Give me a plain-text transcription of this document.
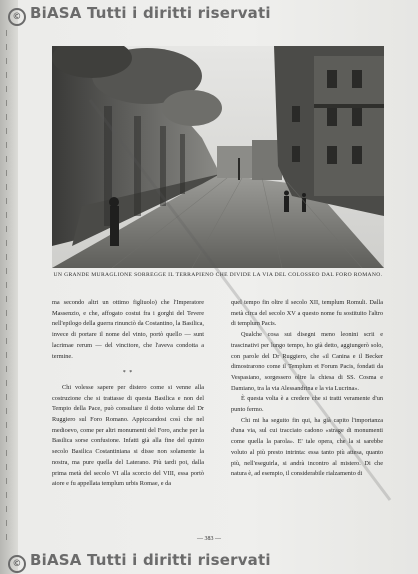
© BiASA Tutti i diritti riservati
UN GRANDE MURAGLIONE SORREGGE IL TERRAPIENO CHE DIVIDE LA VIA DEL COLOSSEO DAL FORO ROMANO.

ma secondo altri un ottimo figliuolo) che l'Imperatore Massenzio, e che, affogato costui fra i gorghi del Tevere nell'epilogo della guerra rinunciò da Costantino, la Basilica, invece di portare il nome del vinto, portò quello — sunt lacrimae rerum — del vincitore, che l'aveva condotta a termine.

* *

Chi volesse sapere per distero come si venne alla costruzione che si trattasse di questa Basilica e non del Tempio della Pace, può consultare il dotto volume del Dr Ruggiero sul Foro Romano. Appiccandosi così che nel medioevo, come per altri monumenti del Foro, anche per la Basilica sorse confusione. Infatti già alla fine del quinto secolo Basilica Costantiniana si disse non solamente la nostra, ma pure quella del Laterano. Più tardi poi, dalla prima metà del secolo VI alla scorcio del VIII, essa portò aiore e fu appellata templum urbis Romae, e da

quel tempo fin oltre il secolo XII, templum Romuli. Dalla metà circa del secolo XV a questo nome fu sostituito l'altro di templum Pacis.

Qualche cosa sui disegni meno leonini scrii e trascinativi per lungo tempo, ho già detto, aggiungerò solo, con parole del Dr Ruggiero, che «il Canina e il Becker dimostrarono come il Templum et Forum Pacis, fondati da Vespasiano, sorgessero oltre la chiesa di SS. Cosma e Damiano, tra la via Alessandrina e la via Lucrina».

È questa volta è a credere che si tratti veramente d'un punto fermo.

Chi mi ha seguito fin qui, ha già capito l'importanza d'una via, sul cui tracciato cadono «strage di monumenti come quella la parola». E' tale opera, che la si sarebbe voluto al più presto intrinta: essa tanto più attesa, quanto più, nell'eseguirla, si andrà incontro al mistero. Di che natura è, ad esempio, il considerabile rialzamento di

— 383 —
© BiASA Tutti i diritti riservati
